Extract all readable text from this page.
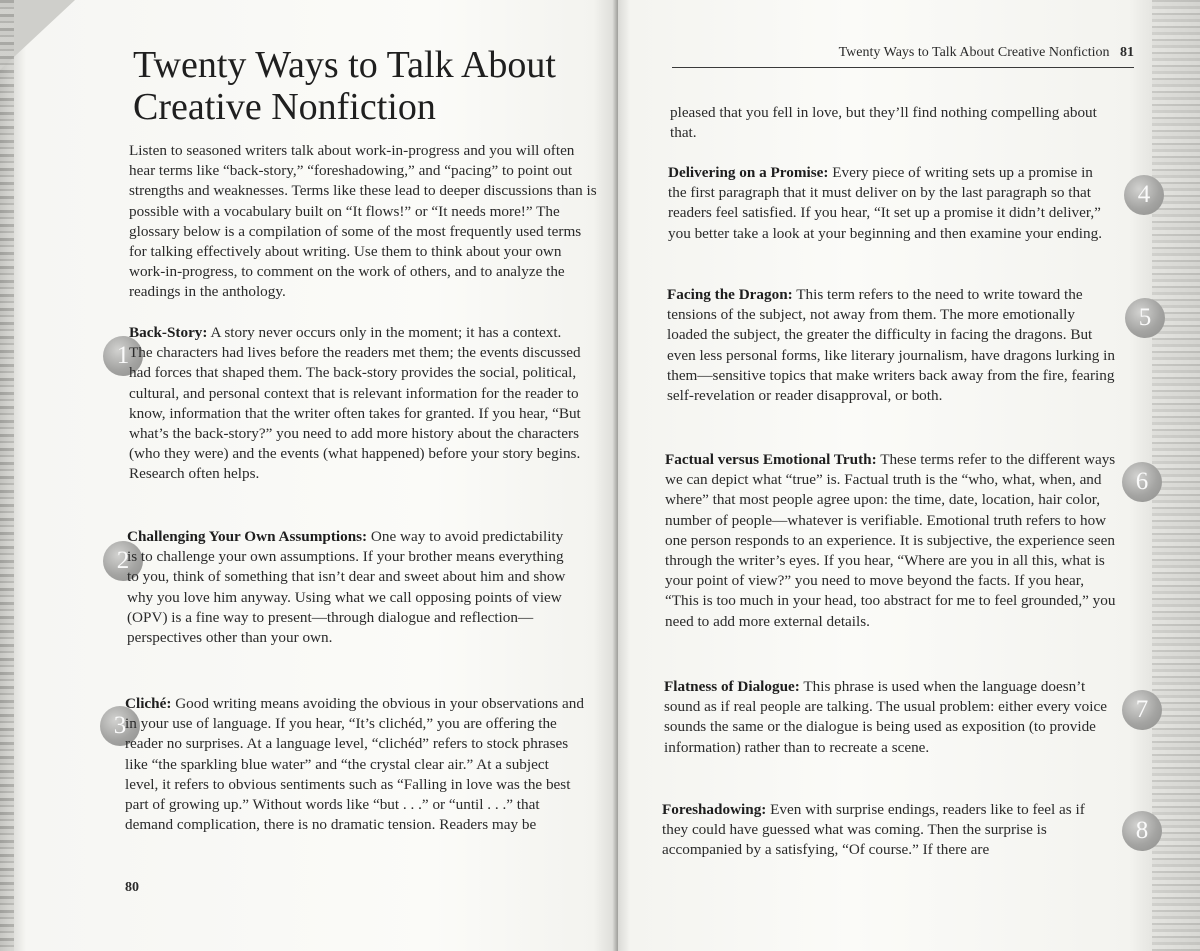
Twenty Ways to Talk About
Creative Nonfiction

Listen to seasoned writers talk about work-in-progress and you will often hear terms like “back-story,” “foreshadowing,” and “pacing” to point out strengths and weaknesses. Terms like these lead to deeper discussions than is possible with a vocabulary built on “It flows!” or “It needs more!” The glossary below is a compilation of some of the most frequently used terms for talking effectively about writing. Use them to think about your own work-in-progress, to comment on the work of others, and to analyze the readings in the anthology.

1

Back-Story: A story never occurs only in the moment; it has a context. The characters had lives before the readers met them; the events discussed had forces that shaped them. The back-story provides the social, political, cultural, and personal context that is relevant information for the reader to know, information that the writer often takes for granted. If you hear, “But what’s the back-story?” you need to add more history about the characters (who they were) and the events (what happened) before your story begins. Research often helps.

2

Challenging Your Own Assumptions: One way to avoid predictability is to challenge your own assumptions. If your brother means everything to you, think of something that isn’t dear and sweet about him and show why you love him anyway. Using what we call opposing points of view (OPV) is a fine way to present—through dialogue and reflection—perspectives other than your own.

3

Cliché: Good writing means avoiding the obvious in your observations and in your use of language. If you hear, “It’s clichéd,” you are offering the reader no surprises. At a language level, “clichéd” refers to stock phrases like “the sparkling blue water” and “the crystal clear air.” At a subject level, it refers to obvious sentiments such as “Falling in love was the best part of growing up.” Without words like “but . . .” or “until . . .” that demand complication, there is no dramatic tension. Readers may be

80
Twenty Ways to Talk About Creative Nonfiction 81

pleased that you fell in love, but they’ll find nothing compelling about that.

4

Delivering on a Promise: Every piece of writing sets up a promise in the first paragraph that it must deliver on by the last paragraph so that readers feel satisfied. If you hear, “It set up a promise it didn’t deliver,” you better take a look at your beginning and then examine your ending.

5

Facing the Dragon: This term refers to the need to write toward the tensions of the subject, not away from them. The more emotionally loaded the subject, the greater the difficulty in facing the dragons. But even less personal forms, like literary journalism, have dragons lurking in them—sensitive topics that make writers back away from the fire, fearing self-revelation or reader disapproval, or both.

6

Factual versus Emotional Truth: These terms refer to the different ways we can depict what “true” is. Factual truth is the “who, what, when, and where” that most people agree upon: the time, date, location, hair color, number of people—whatever is verifiable. Emotional truth refers to how one person responds to an experience. It is subjective, the experience seen through the writer’s eyes. If you hear, “Where are you in all this, what is your point of view?” you need to move beyond the facts. If you hear, “This is too much in your head, too abstract for me to feel grounded,” you need to add more external details.

7

Flatness of Dialogue: This phrase is used when the language doesn’t sound as if real people are talking. The usual problem: either every voice sounds the same or the dialogue is being used as exposition (to provide information) rather than to recreate a scene.

8

Foreshadowing: Even with surprise endings, readers like to feel as if they could have guessed what was coming. Then the surprise is accompanied by a satisfying, “Of course.” If there are
